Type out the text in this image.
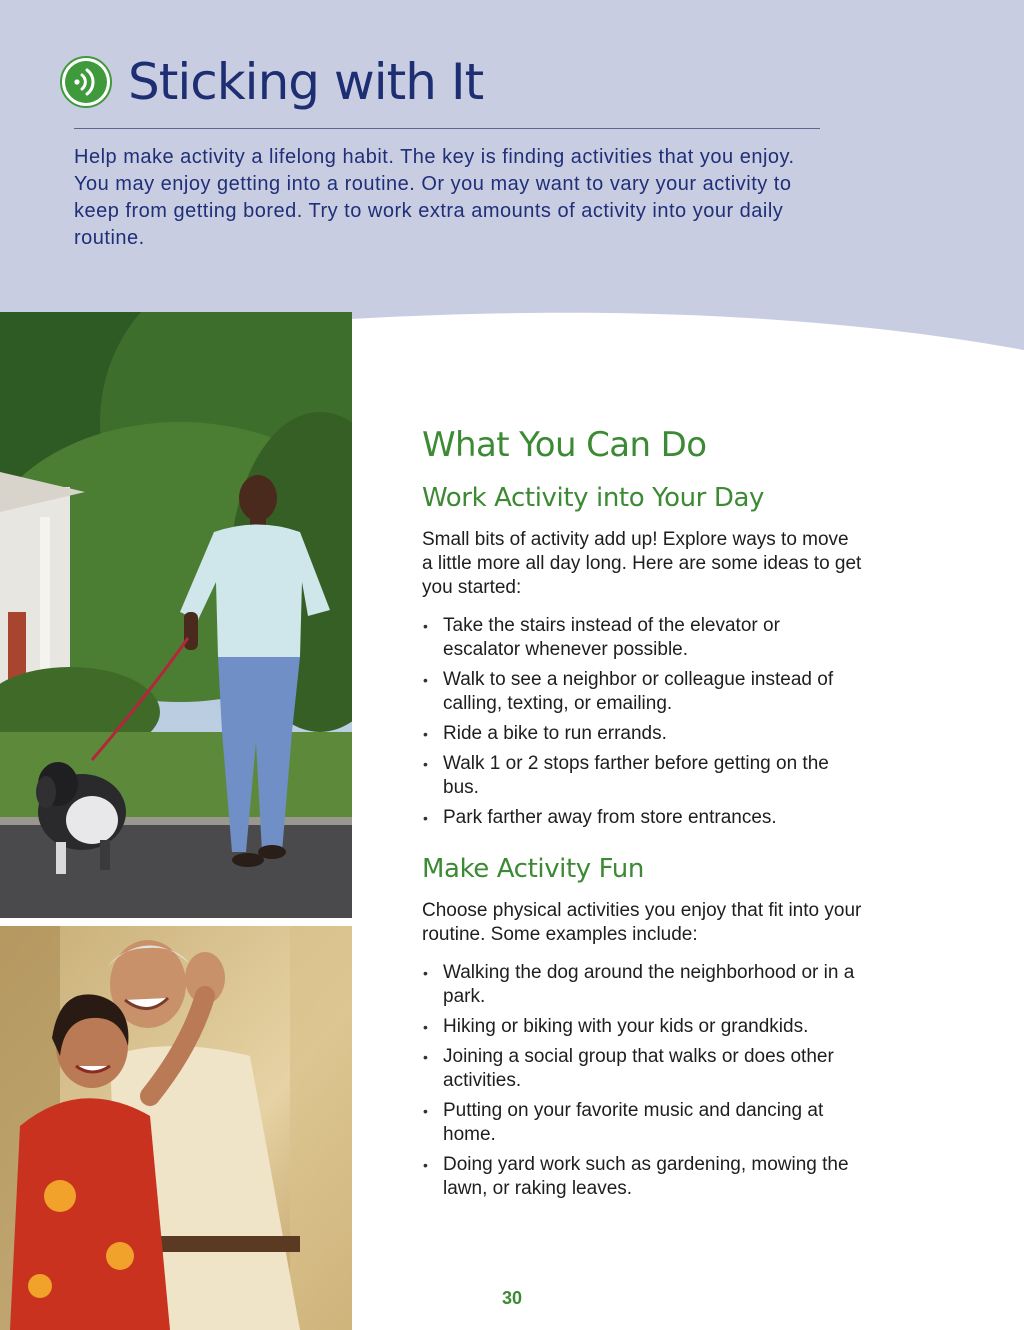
Sticking with It

Help make activity a lifelong habit. The key is finding activities that you enjoy. You may enjoy getting into a routine. Or you may want to vary your activity to keep from getting bored. Try to work extra amounts of activity into your daily routine.

What You Can Do
Work Activity into Your Day

Small bits of activity add up! Explore ways to move a little more all day long. Here are some ideas to get you started:

• Take the stairs instead of the elevator or escalator whenever possible.
• Walk to see a neighbor or colleague instead of calling, texting, or emailing.
• Ride a bike to run errands.
• Walk 1 or 2 stops farther before getting on the bus.
• Park farther away from store entrances.
Make Activity Fun

Choose physical activities you enjoy that fit into your routine. Some examples include:

• Walking the dog around the neighborhood or in a park.
• Hiking or biking with your kids or grandkids.
• Joining a social group that walks or does other activities.
• Putting on your favorite music and dancing at home.
• Doing yard work such as gardening, mowing the lawn, or raking leaves.
30
